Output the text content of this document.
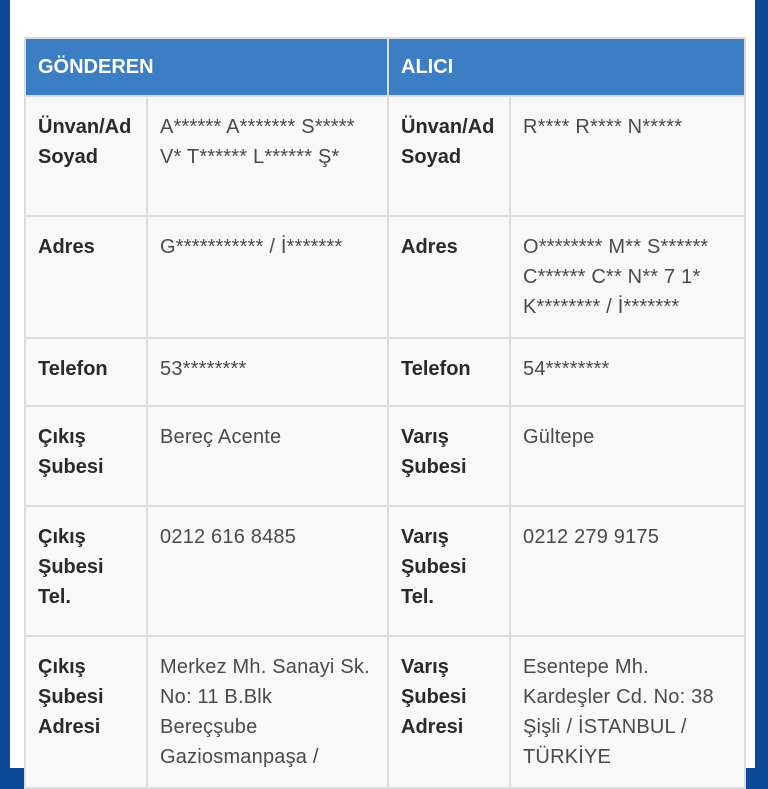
GÖNDEREN		ALICI	
Ünvan/Ad Soyad	A****** A******* S***** V* T****** L****** Ş*	Ünvan/Ad Soyad	R**** R**** N*****
Adres	G*********** / İ*******	Adres	O******** M** S****** C****** C** N** 7 1* K******** / İ*******
Telefon	53********	Telefon	54********
Çıkış Şubesi	Bereç Acente	Varış Şubesi	Gültepe
Çıkış Şubesi Tel.	0212 616 8485	Varış Şubesi Tel.	0212 279 9175
Çıkış Şubesi Adresi	Merkez Mh. Sanayi Sk. No: 11 B.Blk Bereçşube Gaziosmanpaşa /	Varış Şubesi Adresi	Esentepe Mh. Kardeşler Cd. No: 38 Şişli / İSTANBUL / TÜRKİYE
